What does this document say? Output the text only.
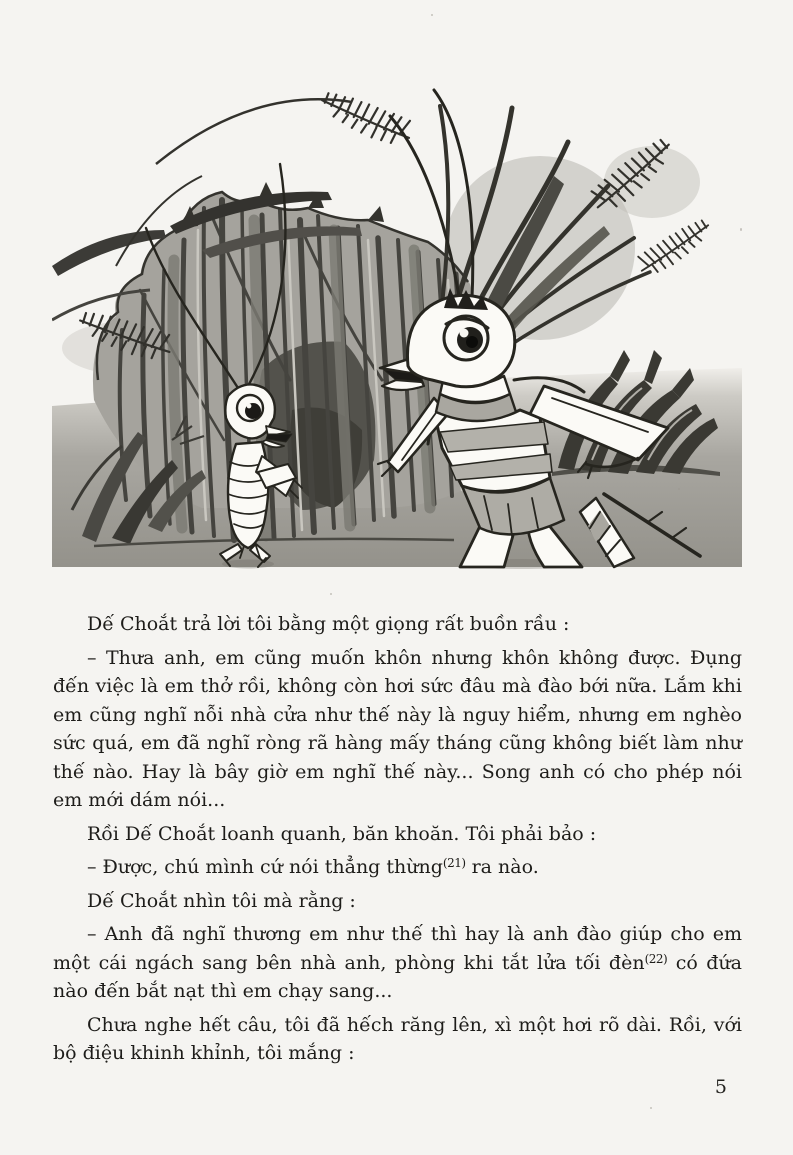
Dế Choắt trả lời tôi bằng một giọng rất buồn rầu :

– Thưa anh, em cũng muốn khôn nhưng khôn không được. Đụng đến việc là em thở rồi, không còn hơi sức đâu mà đào bới nữa. Lắm khi em cũng nghĩ nỗi nhà cửa như thế này là nguy hiểm, nhưng em nghèo sức quá, em đã nghĩ ròng rã hàng mấy tháng cũng không biết làm như thế nào. Hay là bây giờ em nghĩ thế này... Song anh có cho phép nói em mới dám nói...

Rồi Dế Choắt loanh quanh, băn khoăn. Tôi phải bảo :

– Được, chú mình cứ nói thẳng thừng$^{(21)}$ ra nào.

Dế Choắt nhìn tôi mà rằng :

– Anh đã nghĩ thương em như thế thì hay là anh đào giúp cho em một cái ngách sang bên nhà anh, phòng khi tắt lửa tối đèn$^{(22)}$ có đứa nào đến bắt nạt thì em chạy sang...

Chưa nghe hết câu, tôi đã hếch răng lên, xì một hơi rõ dài. Rồi, với bộ điệu khinh khỉnh, tôi mắng :

5
